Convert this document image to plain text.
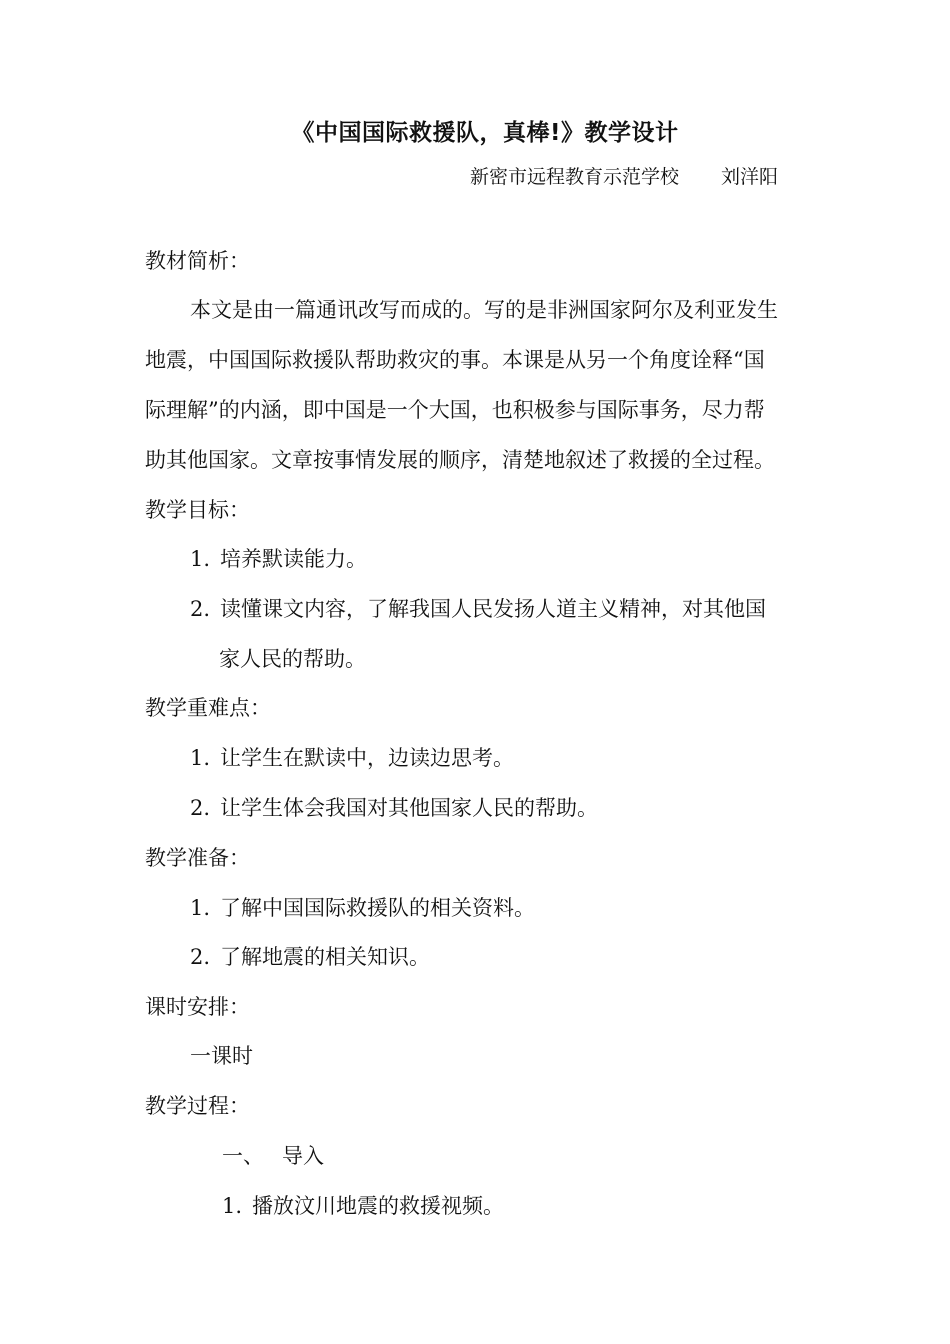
《中国国际救援队，真棒!》教学设计
新密市远程教育示范学校 刘洋阳
教材简析：
本文是由一篇通讯改写而成的。写的是非洲国家阿尔及利亚发生
地震，中国国际救援队帮助救灾的事。本课是从另一个角度诠释“国
际理解”的内涵，即中国是一个大国，也积极参与国际事务，尽力帮
助其他国家。文章按事情发展的顺序，清楚地叙述了救援的全过程。
教学目标：
1. 培养默读能力。
2. 读懂课文内容，了解我国人民发扬人道主义精神，对其他国
家人民的帮助。
教学重难点：
1. 让学生在默读中，边读边思考。
2. 让学生体会我国对其他国家人民的帮助。
教学准备：
1. 了解中国国际救援队的相关资料。
2. 了解地震的相关知识。
课时安排：
一课时
教学过程：
一、 导入
1. 播放汶川地震的救援视频。
